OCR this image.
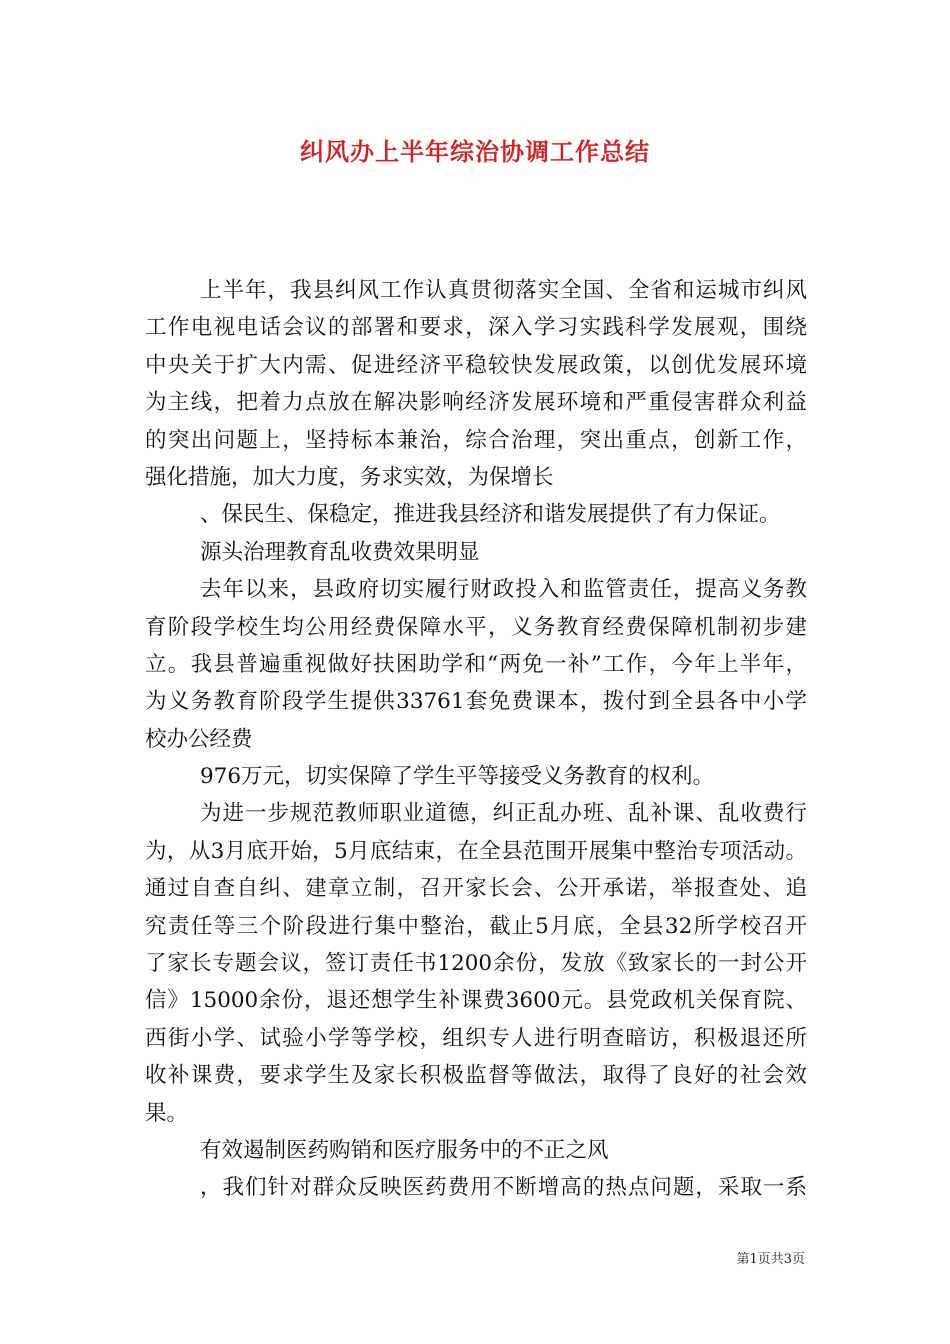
纠风办上半年综治协调工作总结
上半年，我县纠风工作认真贯彻落实全国、全省和运城市纠风
工作电视电话会议的部署和要求，深入学习实践科学发展观，围绕
中央关于扩大内需、促进经济平稳较快发展政策，以创优发展环境
为主线，把着力点放在解决影响经济发展环境和严重侵害群众利益
的突出问题上，坚持标本兼治，综合治理，突出重点，创新工作，
强化措施，加大力度，务求实效，为保增长
、保民生、保稳定，推进我县经济和谐发展提供了有力保证。
源头治理教育乱收费效果明显
去年以来，县政府切实履行财政投入和监管责任，提高义务教
育阶段学校生均公用经费保障水平，义务教育经费保障机制初步建
立。我县普遍重视做好扶困助学和“两免一补”工作，今年上半年，
为义务教育阶段学生提供33761套免费课本，拨付到全县各中小学
校办公经费
976万元，切实保障了学生平等接受义务教育的权利。
为进一步规范教师职业道德，纠正乱办班、乱补课、乱收费行
为，从3月底开始，5月底结束，在全县范围开展集中整治专项活动。
通过自查自纠、建章立制，召开家长会、公开承诺，举报查处、追
究责任等三个阶段进行集中整治，截止5月底，全县32所学校召开
了家长专题会议，签订责任书1200余份，发放《致家长的一封公开
信》15000余份，退还想学生补课费3600元。县党政机关保育院、
西街小学、试验小学等学校，组织专人进行明查暗访，积极退还所
收补课费，要求学生及家长积极监督等做法，取得了良好的社会效
果。
有效遏制医药购销和医疗服务中的不正之风
，我们针对群众反映医药费用不断增高的热点问题，采取一系
第1页共3页
